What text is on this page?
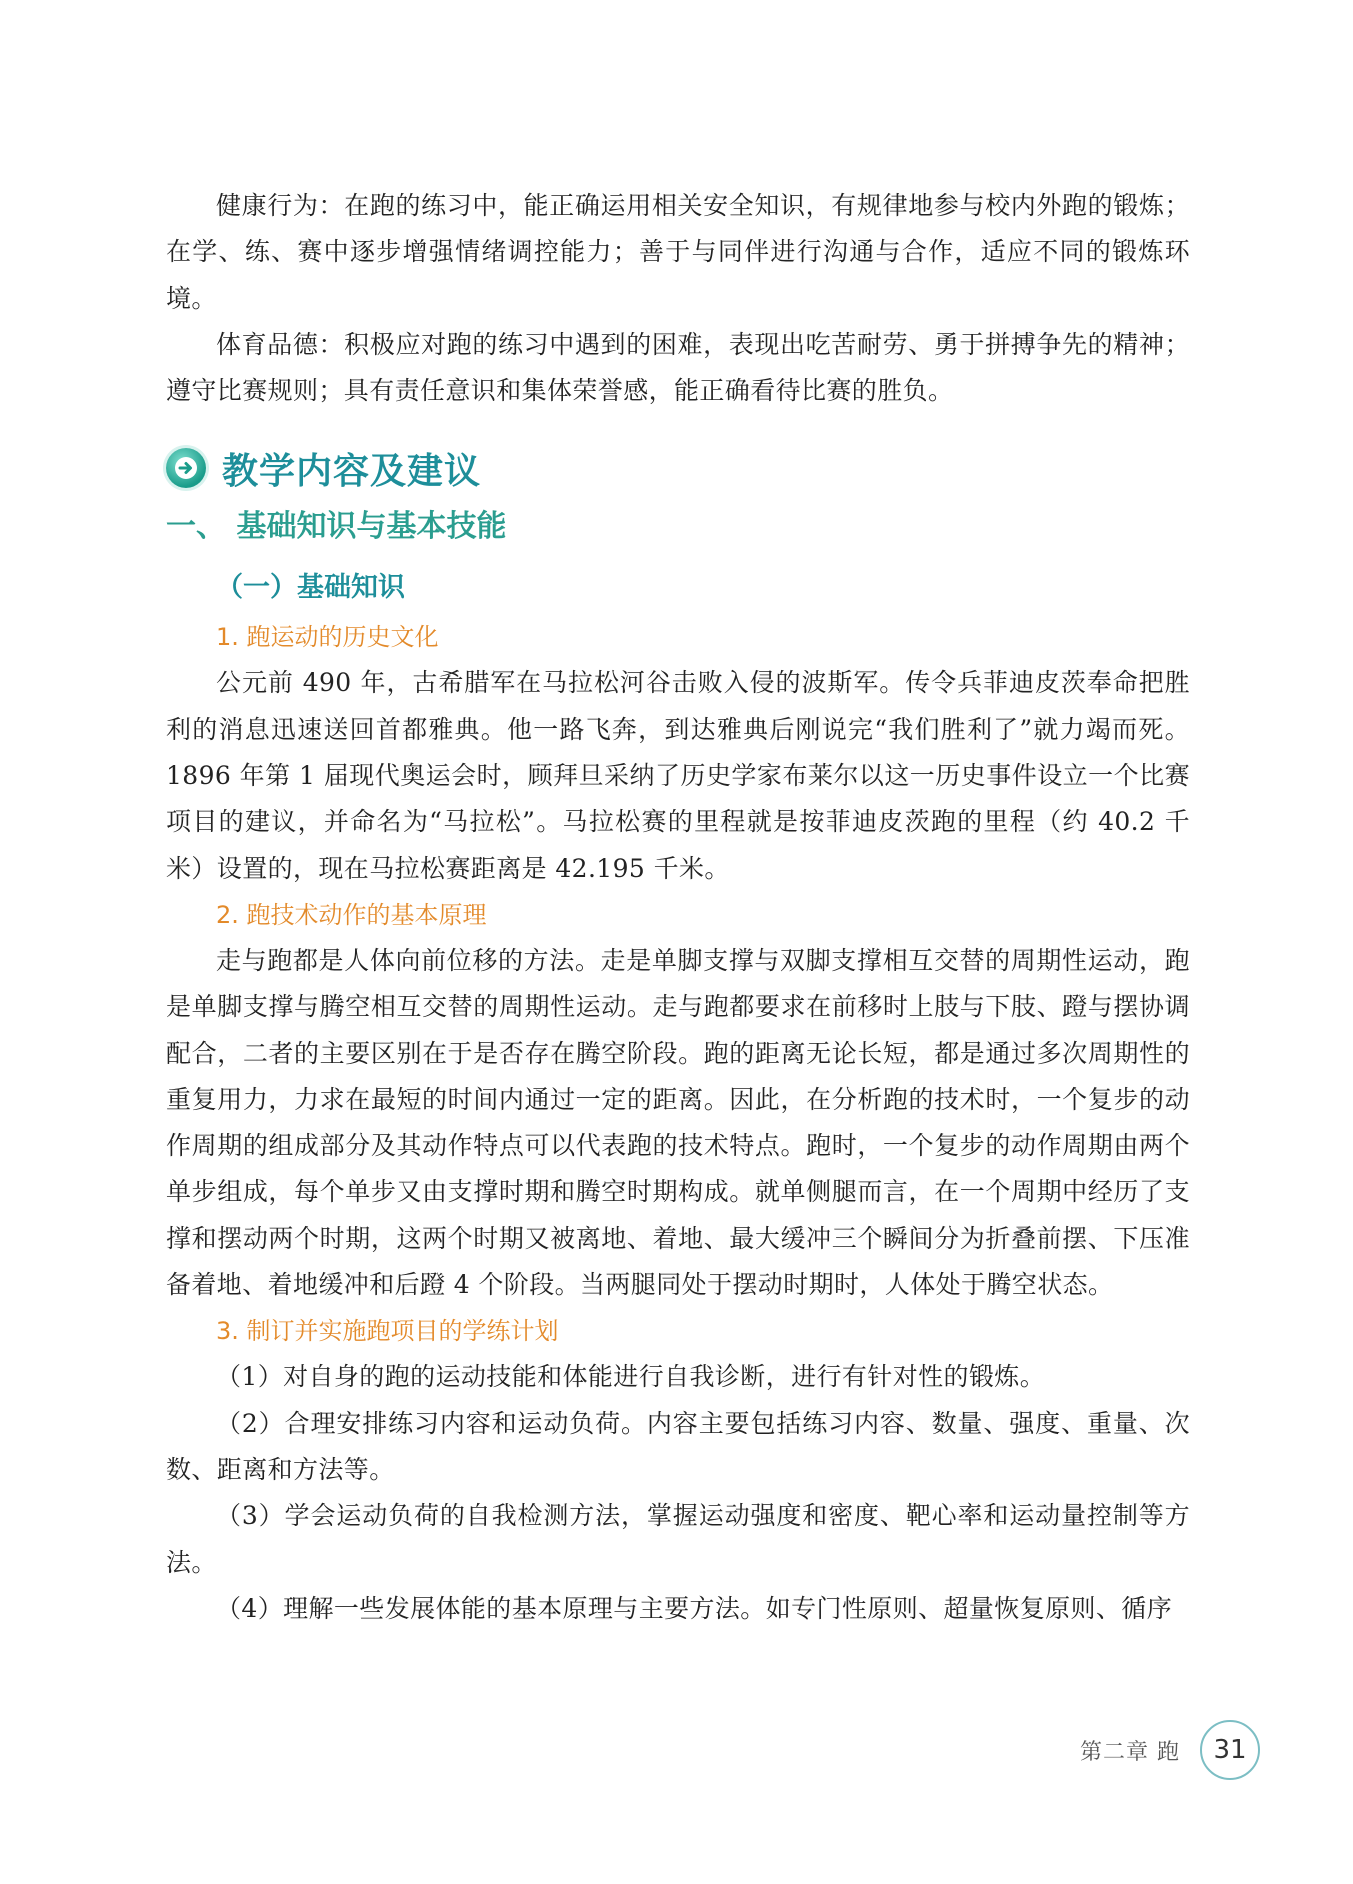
健康行为：在跑的练习中，能正确运用相关安全知识，有规律地参与校内外跑的锻炼；在学、练、赛中逐步增强情绪调控能力；善于与同伴进行沟通与合作，适应不同的锻炼环境。

体育品德：积极应对跑的练习中遇到的困难，表现出吃苦耐劳、勇于拼搏争先的精神；遵守比赛规则；具有责任意识和集体荣誉感，能正确看待比赛的胜负。

教学内容及建议
一、 基础知识与基本技能
（一）基础知识
1. 跑运动的历史文化

公元前 490 年，古希腊军在马拉松河谷击败入侵的波斯军。传令兵菲迪皮茨奉命把胜利的消息迅速送回首都雅典。他一路飞奔，到达雅典后刚说完“我们胜利了”就力竭而死。1896 年第 1 届现代奥运会时，顾拜旦采纳了历史学家布莱尔以这一历史事件设立一个比赛项目的建议，并命名为“马拉松”。马拉松赛的里程就是按菲迪皮茨跑的里程（约 40.2 千米）设置的，现在马拉松赛距离是 42.195 千米。

2. 跑技术动作的基本原理

走与跑都是人体向前位移的方法。走是单脚支撑与双脚支撑相互交替的周期性运动，跑是单脚支撑与腾空相互交替的周期性运动。走与跑都要求在前移时上肢与下肢、蹬与摆协调配合，二者的主要区别在于是否存在腾空阶段。跑的距离无论长短，都是通过多次周期性的重复用力，力求在最短的时间内通过一定的距离。因此，在分析跑的技术时，一个复步的动作周期的组成部分及其动作特点可以代表跑的技术特点。跑时，一个复步的动作周期由两个单步组成，每个单步又由支撑时期和腾空时期构成。就单侧腿而言，在一个周期中经历了支撑和摆动两个时期，这两个时期又被离地、着地、最大缓冲三个瞬间分为折叠前摆、下压准备着地、着地缓冲和后蹬 4 个阶段。当两腿同处于摆动时期时，人体处于腾空状态。

3. 制订并实施跑项目的学练计划

（1）对自身的跑的运动技能和体能进行自我诊断，进行有针对性的锻炼。

（2）合理安排练习内容和运动负荷。内容主要包括练习内容、数量、强度、重量、次数、距离和方法等。

（3）学会运动负荷的自我检测方法，掌握运动强度和密度、靶心率和运动量控制等方法。

（4）理解一些发展体能的基本原理与主要方法。如专门性原则、超量恢复原则、循序

第二章 跑	31
